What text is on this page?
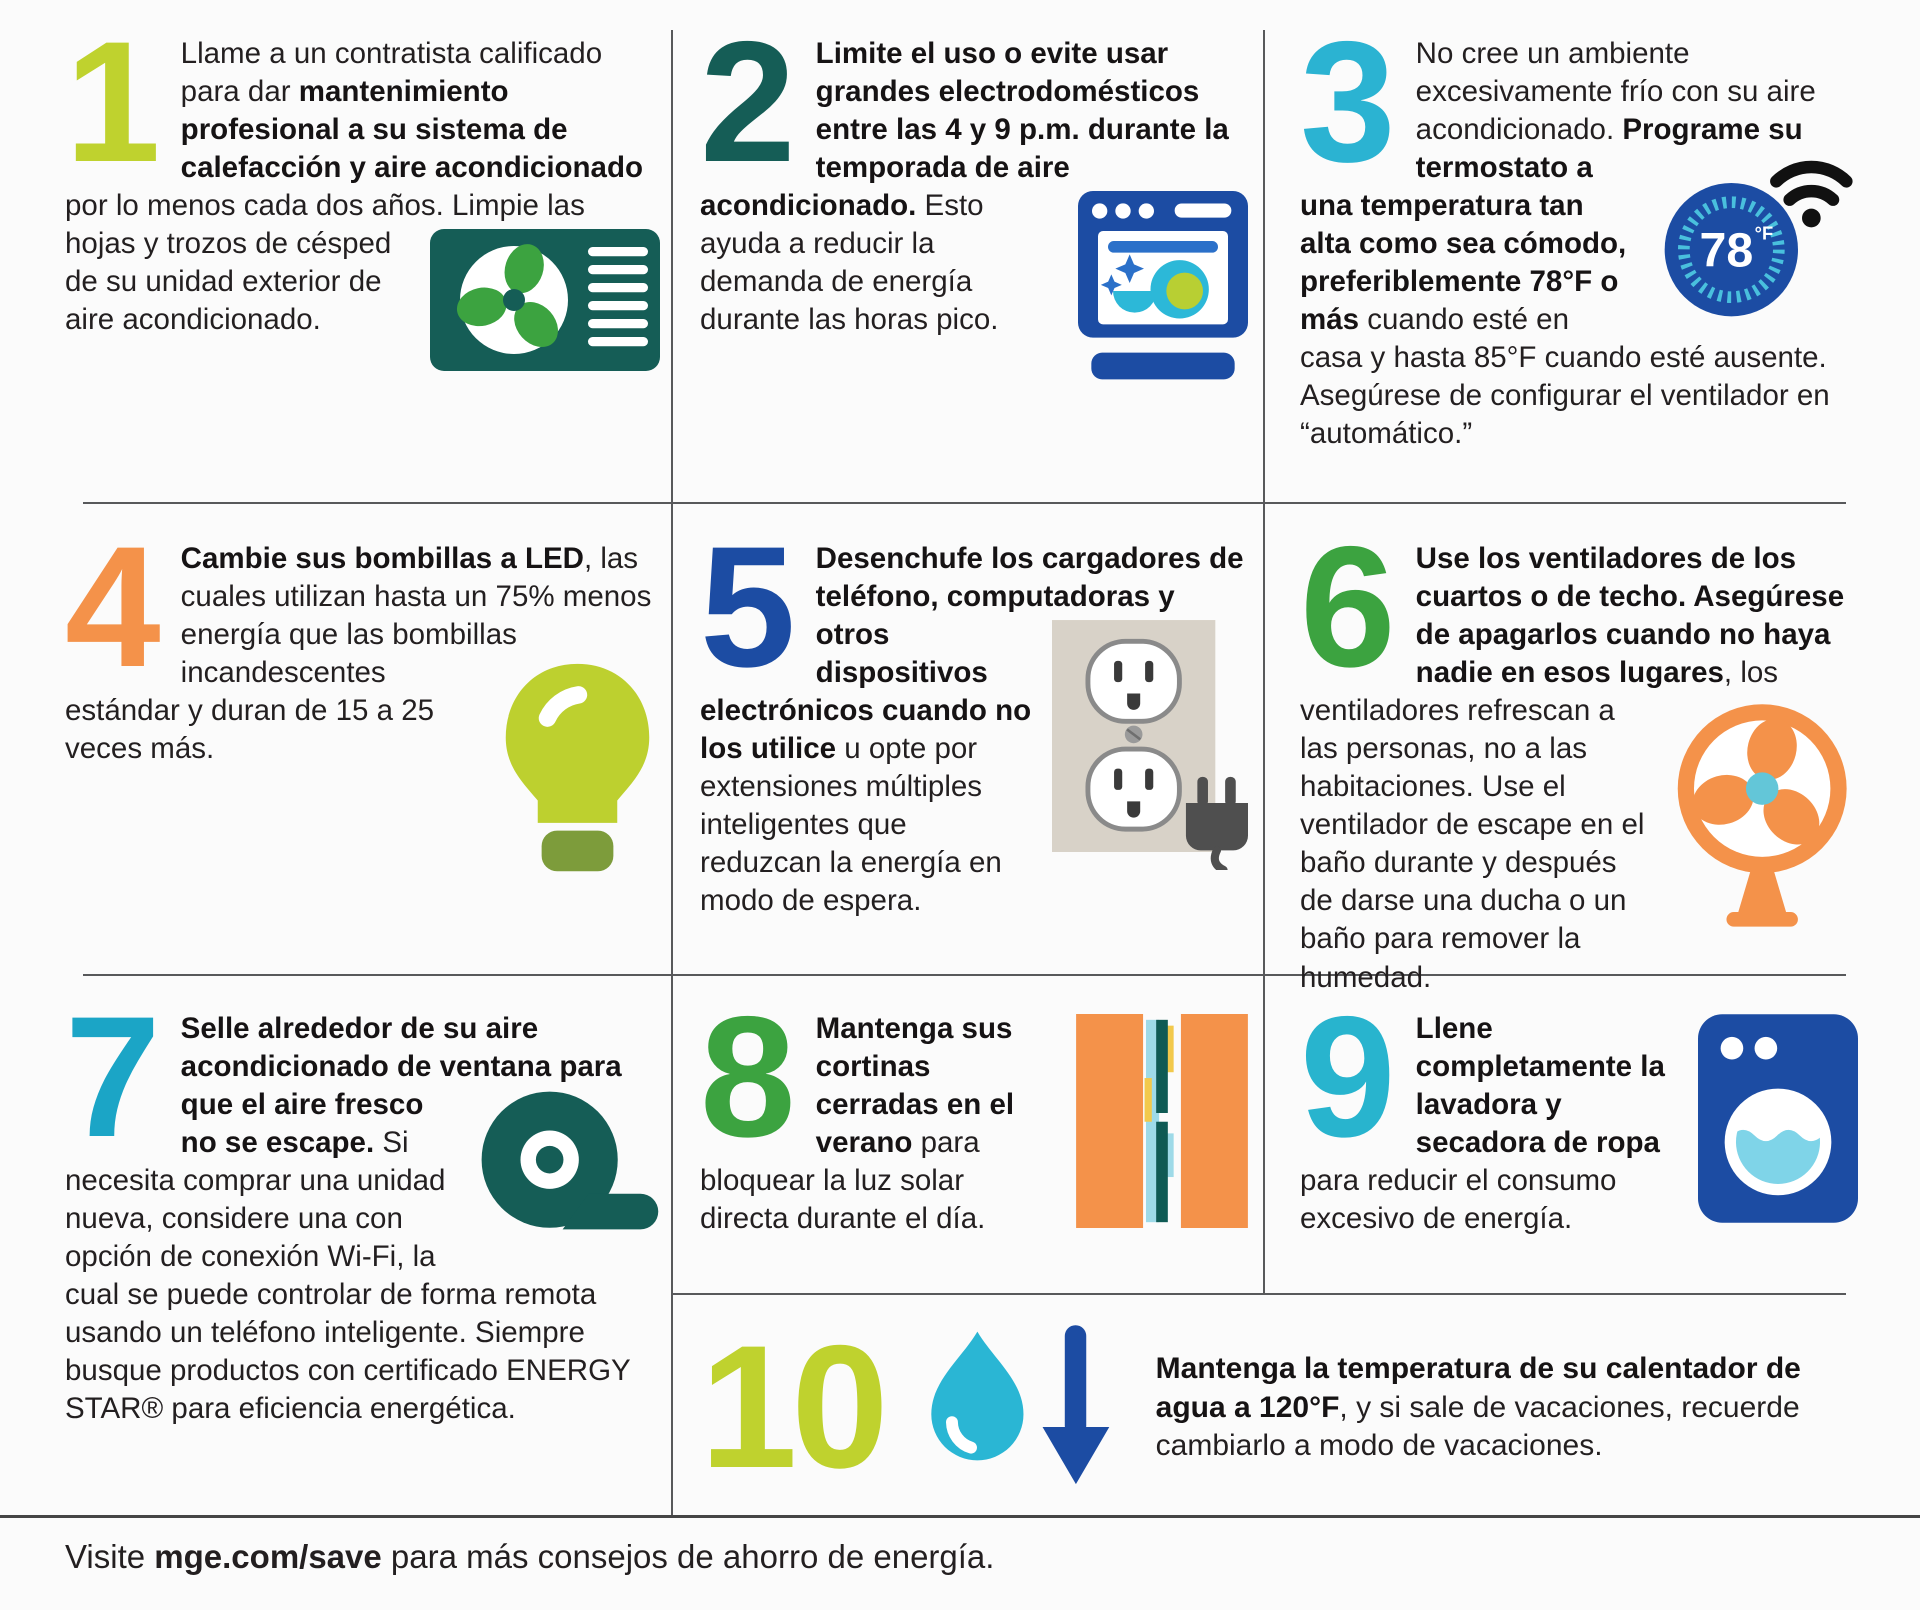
1 Llame a un contratista calificado para dar mantenimiento profesional a su sistema de calefacción y aire acondicionado por lo menos cada dos años.
Limpie las hojas y trozos de césped de su unidad exterior de aire acondicionado.

2 Limite el uso o evite usar grandes electrodomésticos entre las 4 y 9 p.m. durante la temporada de aire acondicionado.
Esto ayuda a reducir la demanda de energía durante las horas pico.

3 No cree un ambiente excesivamente frío con su aire acondicionado. Programe su termostato
78 °F
a una temperatura tan alta como sea cómodo, preferiblemente 78°F o más cuando esté en casa y hasta 85°F cuando esté ausente. Asegúrese de configurar el ventilador en “automático.”

4 Cambie sus bombillas a LED, las cuales utilizan hasta un 75% menos energía que las bombillas
incandescentes estándar y duran de 15 a 25 veces más.

5 Desenchufe los cargadores de teléfono, computadoras
y otros dispositivos electrónicos cuando no los utilice u opte por extensiones múltiples inteligentes que reduzcan la energía en modo de espera.

6 Use los ventiladores de los cuartos o de techo. Asegúrese de apagarlos cuando no haya nadie en esos lugares, los ventiladores
refrescan a las personas, no a las habitaciones. Use el ventilador de escape en el baño durante y después de darse una ducha o un baño para remover la humedad.

7 Selle alrededor de su aire acondicionado de ventana para que
el aire fresco no se escape. Si necesita comprar una unidad nueva, considere una con opción de conexión Wi-Fi, la cual se puede controlar de forma remota usando un teléfono inteligente. Siempre busque productos con certificado ENERGY STAR® para eficiencia energética.

8 Mantenga sus cortinas cerradas en el verano para bloquear la luz solar directa durante el día.

9 Llene completamente la lavadora y secadora de ropa para reducir el consumo excesivo de energía.

10	Mantenga la temperatura de su calentador de agua a 120°F, y si sale de vacaciones, recuerde cambiarlo a modo de vacaciones.

Visite mge.com/save para más consejos de ahorro de energía.
